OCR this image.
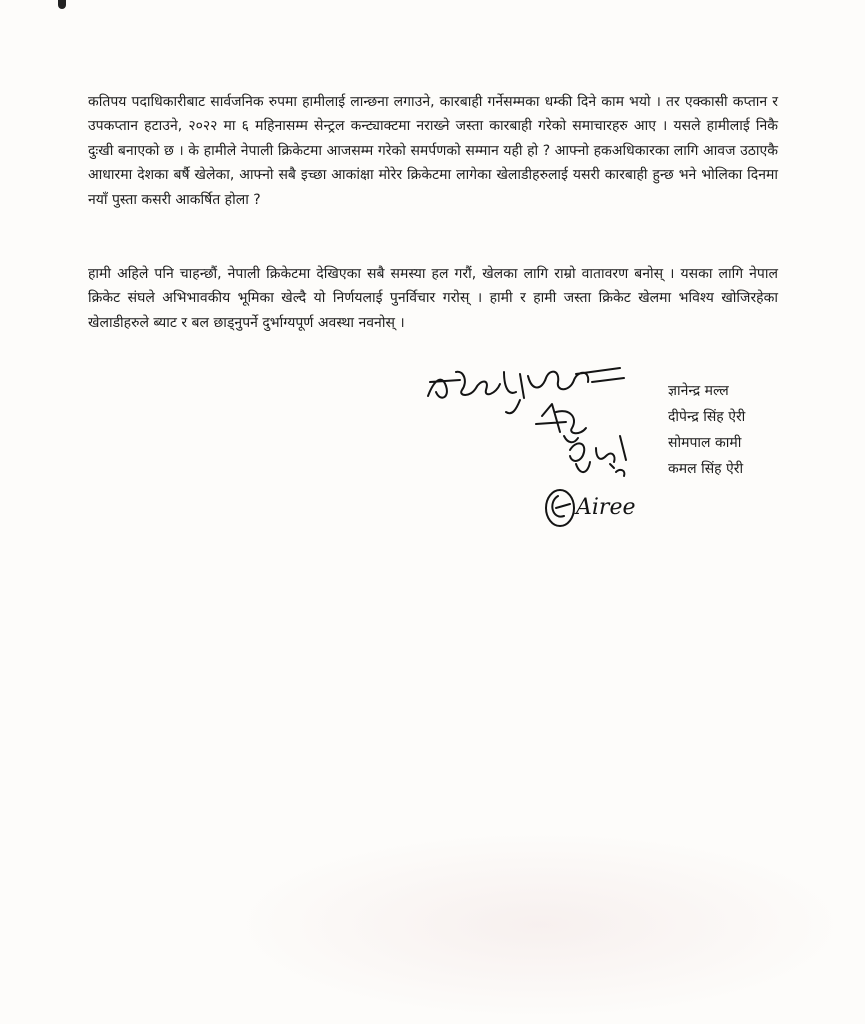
कतिपय पदाधिकारीबाट सार्वजनिक रुपमा हामीलाई लान्छना लगाउने, कारबाही गर्नेसम्मका धम्की दिने काम भयो । तर एक्कासी कप्तान र उपकप्तान हटाउने, २०२२ मा ६ महिनासम्म सेन्ट्रल कन्ट्याक्टमा नराख्ने जस्ता कारबाही गरेको समाचारहरु आए । यसले हामीलाई निकै दुःखी बनाएको छ । के हामीले नेपाली क्रिकेटमा आजसम्म गरेको समर्पणको सम्मान यही हो ? आफ्नो हकअधिकारका लागि आवज उठाएकै आधारमा देशका बर्षै खेलेका, आफ्नो सबै इच्छा आकांक्षा मोरेर क्रिकेटमा लागेका खेलाडीहरुलाई यसरी कारबाही हुन्छ भने भोलिका दिनमा नयाँ पुस्ता कसरी आकर्षित होला ?

हामी अहिले पनि चाहन्छौं, नेपाली क्रिकेटमा देखिएका सबै समस्या हल गरौं, खेलका लागि राम्रो वातावरण बनोस् । यसका लागि नेपाल क्रिकेट संघले अभिभावकीय भूमिका खेल्दै यो निर्णयलाई पुनर्विचार गरोस् । हामी र हामी जस्ता क्रिकेट खेलमा भविश्य खोजिरहेका खेलाडीहरुले ब्याट र बल छाड्नुपर्ने दुर्भाग्यपूर्ण अवस्था नवनोस् ।

Airee
ज्ञानेन्द्र मल्ल
दीपेन्द्र सिंह ऐरी
सोमपाल कामी
कमल सिंह ऐरी
